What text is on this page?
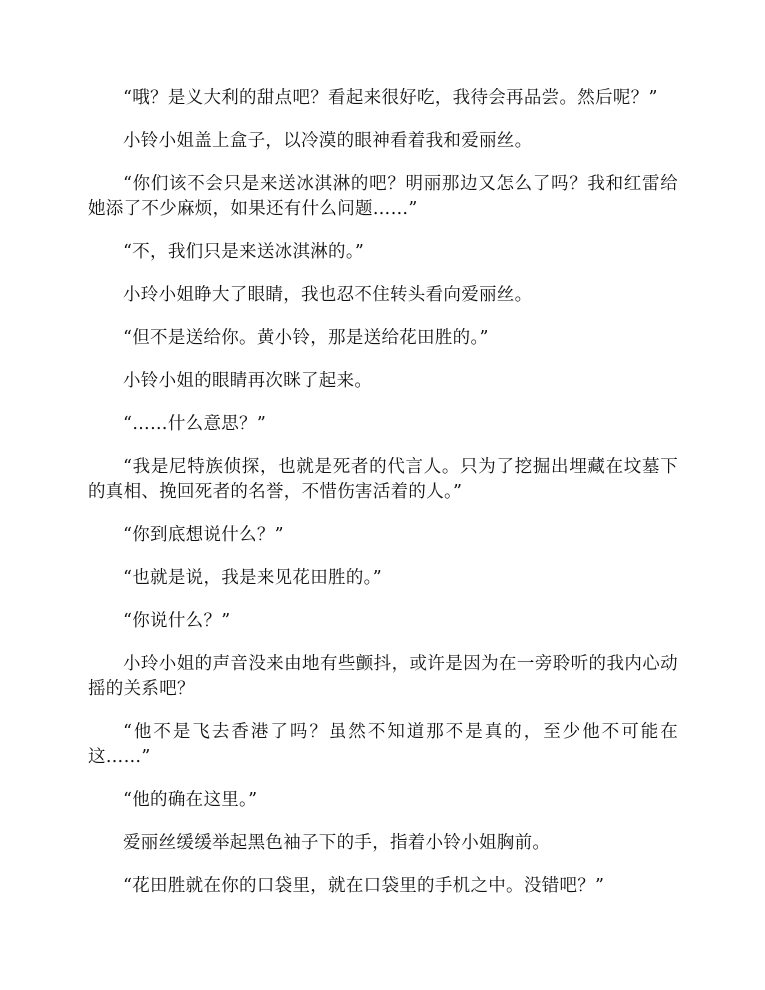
“哦？是义大利的甜点吧？看起来很好吃，我待会再品尝。然后呢？”

小铃小姐盖上盒子，以冷漠的眼神看着我和爱丽丝。

“你们该不会只是来送冰淇淋的吧？明丽那边又怎么了吗？我和红雷给她添了不少麻烦，如果还有什么问题……”

“不，我们只是来送冰淇淋的。”

小玲小姐睁大了眼睛，我也忍不住转头看向爱丽丝。

“但不是送给你。黄小铃，那是送给花田胜的。”

小铃小姐的眼睛再次眯了起来。

“……什么意思？”

“我是尼特族侦探，也就是死者的代言人。只为了挖掘出埋藏在坟墓下的真相、挽回死者的名誉，不惜伤害活着的人。”

“你到底想说什么？”

“也就是说，我是来见花田胜的。”

“你说什么？”

小玲小姐的声音没来由地有些颤抖，或许是因为在一旁聆听的我内心动摇的关系吧？

“他不是飞去香港了吗？虽然不知道那不是真的，至少他不可能在这……”

“他的确在这里。”

爱丽丝缓缓举起黑色袖子下的手，指着小铃小姐胸前。

“花田胜就在你的口袋里，就在口袋里的手机之中。没错吧？”
